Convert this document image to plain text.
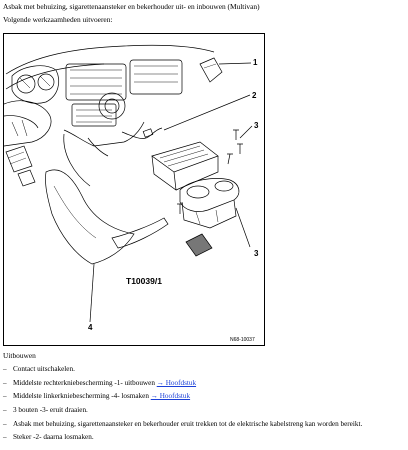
Asbak met behuizing, sigarettenaansteker en bekerhouder uit- en inbouwen (Multivan)
Volgende werkzaamheden uitvoeren:
1
2
3
3
4
T10039/1
N68-10037
Uitbouwen
– Contact uitschakelen.
– Middelste rechterkniebescherming -1- uitbouwen → Hoofdstuk
– Middelste linkerkniebescherming -4- losmaken → Hoofdstuk
– 3 bouten -3- eruit draaien.
– Asbak met behuizing, sigarettenaansteker en bekerhouder eruit trekken tot de elektrische kabelstreng kan worden bereikt.
– Steker -2- daarna losmaken.
